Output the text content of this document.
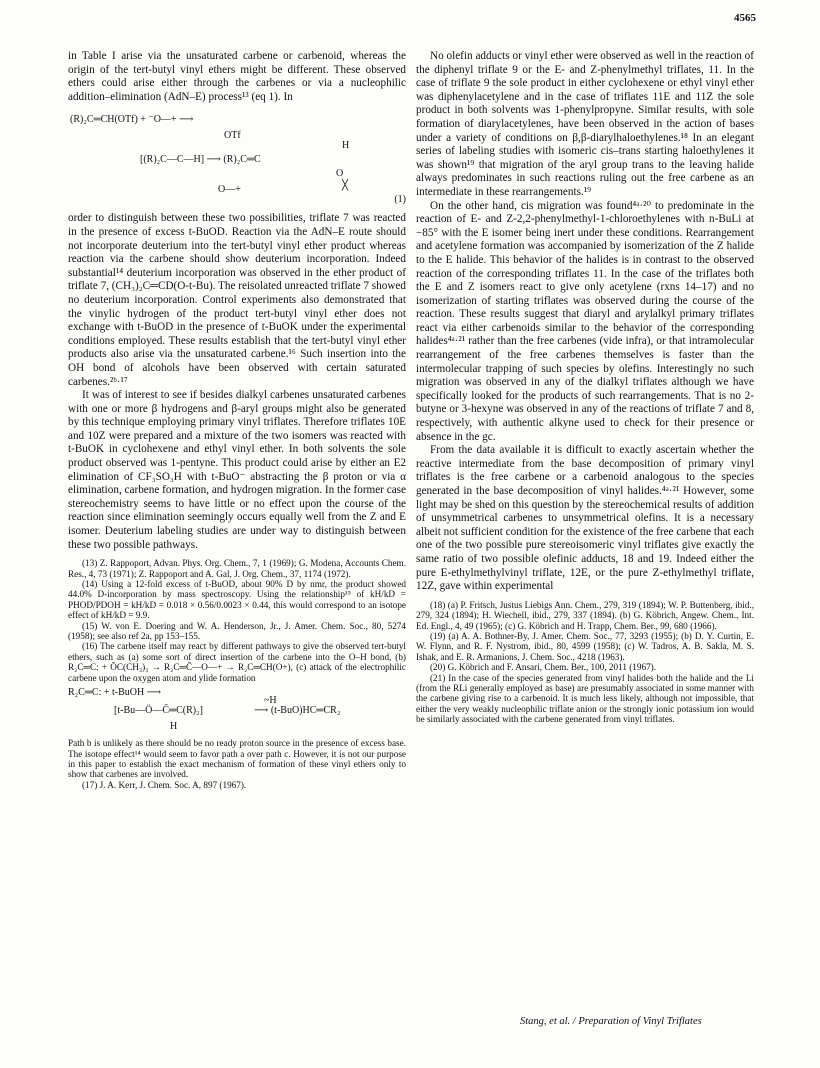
4565

in Table I arise via the unsaturated carbene or carbenoid, whereas the origin of the tert-butyl vinyl ethers might be different. These observed ethers could arise either through the carbenes or via a nucleophilic addition–elimination (AdN–E) process¹³ (eq 1). In

(R)₂C═CH(OTf) + ⁻O—+ ⟶
OTf
H
[(R)₂C—C—H] ⟶ (R)₂C═C
O
╳
O—+
(1)

order to distinguish between these two possibilities, triflate 7 was reacted in the presence of excess t-BuOD. Reaction via the AdN–E route should not incorporate deuterium into the tert-butyl vinyl ether product whereas reaction via the carbene should show deuterium incorporation. Indeed substantial¹⁴ deuterium incorporation was observed in the ether product of triflate 7, (CH₃)₂C═CD(O-t-Bu). The reisolated unreacted triflate 7 showed no deuterium incorporation. Control experiments also demonstrated that the vinylic hydrogen of the product tert-butyl vinyl ether does not exchange with t-BuOD in the presence of t-BuOK under the experimental conditions employed. These results establish that the tert-butyl vinyl ether products also arise via the unsaturated carbene.¹⁶ Such insertion into the OH bond of alcohols have been observed with certain saturated carbenes.²ᵇ·¹⁷

It was of interest to see if besides dialkyl carbenes unsaturated carbenes with one or more β hydrogens and β-aryl groups might also be generated by this technique employing primary vinyl triflates. Therefore triflates 10E and 10Z were prepared and a mixture of the two isomers was reacted with t-BuOK in cyclohexene and ethyl vinyl ether. In both solvents the sole product observed was 1-pentyne. This product could arise by either an E2 elimination of CF₃SO₃H with t-BuO⁻ abstracting the β proton or via α elimination, carbene formation, and hydrogen migration. In the former case stereochemistry seems to have little or no effect upon the course of the reaction since elimination seemingly occurs equally well from the Z and E isomer. Deuterium labeling studies are under way to distinguish between these two possible pathways.

(13) Z. Rappoport, Advan. Phys. Org. Chem., 7, 1 (1969); G. Modena, Accounts Chem. Res., 4, 73 (1971); Z. Rappoport and A. Gal, J. Org. Chem., 37, 1174 (1972).

(14) Using a 12-fold excess of t-BuOD, about 90% D by nmr, the product showed 44.0% D-incorporation by mass spectroscopy. Using the relationship¹⁵ of kH/kD = PHOD/PDOH = kH/kD = 0.018 × 0.56/0.0023 × 0.44, this would correspond to an isotope effect of kH/kD = 9.9.

(15) W. von E. Doering and W. A. Henderson, Jr., J. Amer. Chem. Soc., 80, 5274 (1958); see also ref 2a, pp 153–155.

(16) The carbene itself may react by different pathways to give the observed tert-butyl ethers, such as (a) some sort of direct insertion of the carbene into the O–H bond, (b) R₂C═C: + ŌC(CH₃)₃ → R₂C═C̄—O—+ → R₂C═CH(O+), (c) attack of the electrophilic carbene upon the oxygen atom and ylide formation

R₂C═C: + t-BuOH ⟶
[t-Bu—Ö—C̄═C(R)₂]
~H
⟶ (t-BuO)HC═CR₂
H

Path b is unlikely as there should be no ready proton source in the presence of excess base. The isotope effect¹⁴ would seem to favor path a over path c. However, it is not our purpose in this paper to establish the exact mechanism of formation of these vinyl ethers only to show that carbenes are involved.

(17) J. A. Kerr, J. Chem. Soc. A, 897 (1967).

No olefin adducts or vinyl ether were observed as well in the reaction of the diphenyl triflate 9 or the E- and Z-phenylmethyl triflates, 11. In the case of triflate 9 the sole product in either cyclohexene or ethyl vinyl ether was diphenylacetylene and in the case of triflates 11E and 11Z the sole product in both solvents was 1-phenylpropyne. Similar results, with sole formation of diarylacetylenes, have been observed in the action of bases under a variety of conditions on β,β-diarylhaloethylenes.¹⁸ In an elegant series of labeling studies with isomeric cis–trans starting haloethylenes it was shown¹⁹ that migration of the aryl group trans to the leaving halide always predominates in such reactions ruling out the free carbene as an intermediate in these rearrangements.¹⁹

On the other hand, cis migration was found⁴ᵃ·²⁰ to predominate in the reaction of E- and Z-2,2-phenylmethyl-1-chloroethylenes with n-BuLi at −85° with the E isomer being inert under these conditions. Rearrangement and acetylene formation was accompanied by isomerization of the Z halide to the E halide. This behavior of the halides is in contrast to the observed reaction of the corresponding triflates 11. In the case of the triflates both the E and Z isomers react to give only acetylene (rxns 14–17) and no isomerization of starting triflates was observed during the course of the reaction. These results suggest that diaryl and arylalkyl primary triflates react via either carbenoids similar to the behavior of the corresponding halides⁴ᵃ·²¹ rather than the free carbenes (vide infra), or that intramolecular rearrangement of the free carbenes themselves is faster than the intermolecular trapping of such species by olefins. Interestingly no such migration was observed in any of the dialkyl triflates although we have specifically looked for the products of such rearrangements. That is no 2-butyne or 3-hexyne was observed in any of the reactions of triflate 7 and 8, respectively, with authentic alkyne used to check for their presence or absence in the gc.

From the data available it is difficult to exactly ascertain whether the reactive intermediate from the base decomposition of primary vinyl triflates is the free carbene or a carbenoid analogous to the species generated in the base decomposition of vinyl halides.⁴ᵃ·²¹ However, some light may be shed on this question by the stereochemical results of addition of unsymmetrical carbenes to unsymmetrical olefins. It is a necessary albeit not sufficient condition for the existence of the free carbene that each one of the two possible pure stereoisomeric vinyl triflates give exactly the same ratio of two possible olefinic adducts, 18 and 19. Indeed either the pure E-ethylmethylvinyl triflate, 12E, or the pure Z-ethylmethyl triflate, 12Z, gave within experimental

(18) (a) P. Fritsch, Justus Liebigs Ann. Chem., 279, 319 (1894); W. P. Buttenberg, ibid., 279, 324 (1894); H. Wiechell, ibid., 279, 337 (1894). (b) G. Köbrich, Angew. Chem., Int. Ed. Engl., 4, 49 (1965); (c) G. Köbrich and H. Trapp, Chem. Ber., 99, 680 (1966).

(19) (a) A. A. Bothner-By, J. Amer. Chem. Soc., 77, 3293 (1955); (b) D. Y. Curtin, E. W. Flynn, and R. F. Nystrom, ibid., 80, 4599 (1958); (c) W. Tadros, A. B. Sakla, M. S. Ishak, and E. R. Armanions, J. Chem. Soc., 4218 (1963).

(20) G. Köbrich and F. Ansari, Chem. Ber., 100, 2011 (1967).

(21) In the case of the species generated from vinyl halides both the halide and the Li (from the RLi generally employed as base) are presumably associated in some manner with the carbene giving rise to a carbenoid. It is much less likely, although not impossible, that either the very weakly nucleophilic triflate anion or the strongly ionic potassium ion would be similarly associated with the carbene generated from vinyl triflates.

Stang, et al. / Preparation of Vinyl Triflates
